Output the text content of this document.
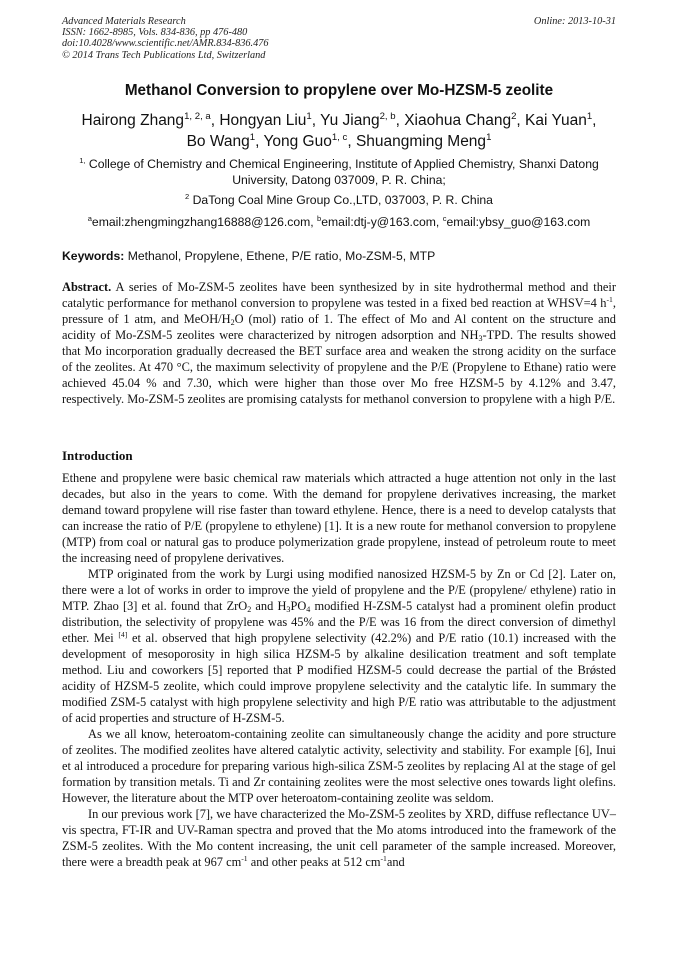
Advanced Materials Research
ISSN: 1662-8985, Vols. 834-836, pp 476-480
doi:10.4028/www.scientific.net/AMR.834-836.476
© 2014 Trans Tech Publications Ltd, Switzerland
Online: 2013-10-31
Methanol Conversion to propylene over Mo-HZSM-5 zeolite
Hairong Zhang$^{1, 2, a}$, Hongyan Liu$^1$, Yu Jiang$^{2, b}$, Xiaohua Chang$^2$, Kai Yuan$^1$,
Bo Wang$^1$, Yong Guo$^{1, c}$, Shuangming Meng$^1$
$^{1,}$ College of Chemistry and Chemical Engineering, Institute of Applied Chemistry, Shanxi Datong University, Datong 037009, P. R. China;
$^2$ DaTong Coal Mine Group Co.,LTD, 037003, P. R. China
$^a$email:zhengmingzhang16888@126.com, $^b$email:dtj-y@163.com, $^c$email:ybsy_guo@163.com
Keywords: Methanol, Propylene, Ethene, P/E ratio, Mo-ZSM-5, MTP
Abstract. A series of Mo-ZSM-5 zeolites have been synthesized by in site hydrothermal method and their catalytic performance for methanol conversion to propylene was tested in a fixed bed reaction at WHSV=4 $h^{-1}$, pressure of 1 atm, and MeOH/$H_2O$ (mol) ratio of 1. The effect of Mo and Al content on the structure and acidity of Mo-ZSM-5 zeolites were characterized by nitrogen adsorption and $NH_3$-TPD. The results showed that Mo incorporation gradually decreased the BET surface area and weaken the strong acidity on the surface of the zeolites. At 470 °C, the maximum selectivity of propylene and the P/E (Propylene to Ethane) ratio were achieved 45.04 % and 7.30, which were higher than those over Mo free HZSM-5 by 4.12% and 3.47, respectively. Mo-ZSM-5 zeolites are promising catalysts for methanol conversion to propylene with a high P/E.
Introduction

Ethene and propylene were basic chemical raw materials which attracted a huge attention not only in the last decades, but also in the years to come. With the demand for propylene derivatives increasing, the market demand toward propylene will rise faster than toward ethylene. Hence, there is a need to develop catalysts that can increase the ratio of P/E (propylene to ethylene) [1]. It is a new route for methanol conversion to propylene (MTP) from coal or natural gas to produce polymerization grade propylene, instead of petroleum route to meet the increasing need of propylene derivatives.

MTP originated from the work by Lurgi using modified nanosized HZSM-5 by Zn or Cd [2]. Later on, there were a lot of works in order to improve the yield of propylene and the P/E (propylene/ ethylene) ratio in MTP. Zhao [3] et al. found that ZrO$_2$ and $H_3PO_4$ modified H-ZSM-5 catalyst had a prominent olefin product distribution, the selectivity of propylene was 45% and the P/E was 16 from the direct conversion of dimethyl ether. Mei [4] et al. observed that high propylene selectivity (42.2%) and P/E ratio (10.1) increased with the development of mesoporosity in high silica HZSM-5 by alkaline desilication treatment and soft template method. Liu and coworkers [5] reported that P modified HZSM-5 could decrease the partial of the Brǿsted acidity of HZSM-5 zeolite, which could improve propylene selectivity and the catalytic life. In summary the modified ZSM-5 catalyst with high propylene selectivity and high P/E ratio was attributable to the adjustment of acid properties and structure of H-ZSM-5.

As we all know, heteroatom-containing zeolite can simultaneously change the acidity and pore structure of zeolites. The modified zeolites have altered catalytic activity, selectivity and stability. For example [6], Inui et al introduced a procedure for preparing various high-silica ZSM-5 zeolites by replacing Al at the stage of gel formation by transition metals. Ti and Zr containing zeolites were the most selective ones towards light olefins. However, the literature about the MTP over heteroatom-containing zeolite was seldom.

In our previous work [7], we have characterized the Mo-ZSM-5 zeolites by XRD, diffuse reflectance UV–vis spectra, FT-IR and UV-Raman spectra and proved that the Mo atoms introduced into the framework of the ZSM-5 zeolites. With the Mo content increasing, the unit cell parameter of the sample increased. Moreover, there were a breadth peak at 967 $cm^{-1}$ and other peaks at 512 $cm^{-1}and$
